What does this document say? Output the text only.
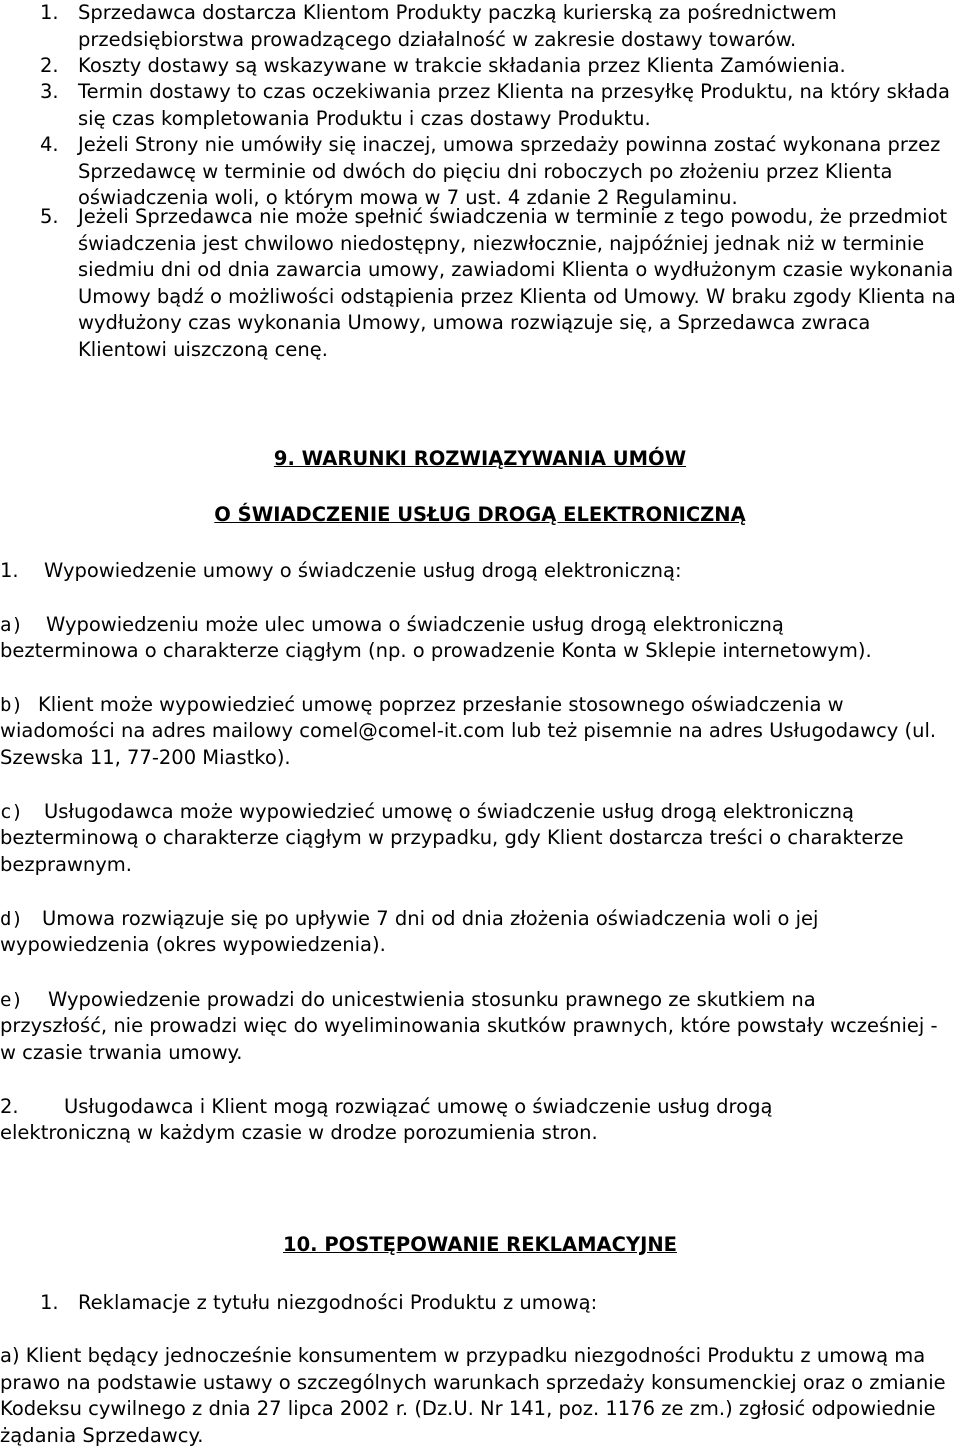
1. Sprzedawca dostarcza Klientom Produkty paczką kurierską za pośrednictwem przedsiębiorstwa prowadzącego działalność w zakresie dostawy towarów.
2. Koszty dostawy są wskazywane w trakcie składania przez Klienta Zamówienia.
3. Termin dostawy to czas oczekiwania przez Klienta na przesyłkę Produktu, na który składa się czas kompletowania Produktu i czas dostawy Produktu.
4. Jeżeli Strony nie umówiły się inaczej, umowa sprzedaży powinna zostać wykonana przez Sprzedawcę w terminie od dwóch do pięciu dni roboczych po złożeniu przez Klienta oświadczenia woli, o którym mowa w 7 ust. 4 zdanie 2 Regulaminu.
5. Jeżeli Sprzedawca nie może spełnić świadczenia w terminie z tego powodu, że przedmiot świadczenia jest chwilowo niedostępny, niezwłocznie, najpóźniej jednak niż w terminie siedmiu dni od dnia zawarcia umowy, zawiadomi Klienta o wydłużonym czasie wykonania Umowy bądź o możliwości odstąpienia przez Klienta od Umowy. W braku zgody Klienta na wydłużony czas wykonania Umowy, umowa rozwiązuje się, a Sprzedawca zwraca Klientowi uiszczoną cenę.
9. WARUNKI ROZWIĄZYWANIA UMÓW
O ŚWIADCZENIE USŁUG DROGĄ ELEKTRONICZNĄ
1. Wypowiedzenie umowy o świadczenie usług drogą elektroniczną:
a) Wypowiedzeniu może ulec umowa o świadczenie usług drogą elektroniczną
bezterminowa o charakterze ciągłym (np. o prowadzenie Konta w Sklepie internetowym).
b) Klient może wypowiedzieć umowę poprzez przesłanie stosownego oświadczenia w
wiadomości na adres mailowy comel@comel-it.com lub też pisemnie na adres Usługodawcy (ul. Szewska 11, 77-200 Miastko).
c) Usługodawca może wypowiedzieć umowę o świadczenie usług drogą elektroniczną
bezterminową o charakterze ciągłym w przypadku, gdy Klient dostarcza treści o charakterze bezprawnym.
d) Umowa rozwiązuje się po upływie 7 dni od dnia złożenia oświadczenia woli o jej
wypowiedzenia (okres wypowiedzenia).
e) Wypowiedzenie prowadzi do unicestwienia stosunku prawnego ze skutkiem na
przyszłość, nie prowadzi więc do wyeliminowania skutków prawnych, które powstały wcześniej - w czasie trwania umowy.
2. Usługodawca i Klient mogą rozwiązać umowę o świadczenie usług drogą
elektroniczną w każdym czasie w drodze porozumienia stron.
10. POSTĘPOWANIE REKLAMACYJNE
1. Reklamacje z tytułu niezgodności Produktu z umową:
a) Klient będący jednocześnie konsumentem w przypadku niezgodności Produktu z umową ma prawo na podstawie ustawy o szczególnych warunkach sprzedaży konsumenckiej oraz o zmianie Kodeksu cywilnego z dnia 27 lipca 2002 r. (Dz.U. Nr 141, poz. 1176 ze zm.) zgłosić odpowiednie żądania Sprzedawcy.
